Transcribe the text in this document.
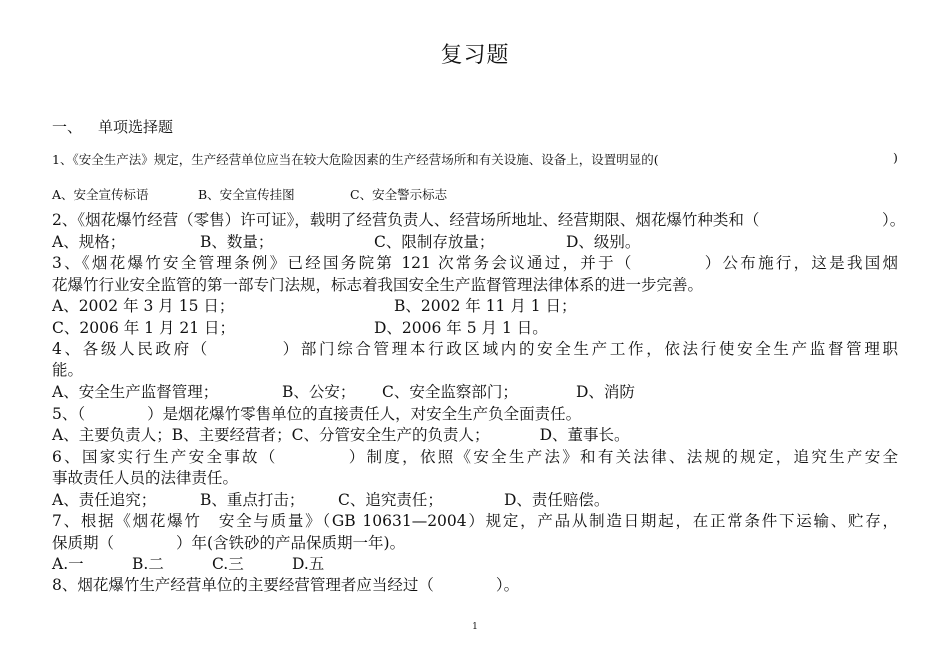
复习题
一、 单项选择题
1、《安全生产法》规定，生产经营单位应当在较大危险因素的生产经营场所和有关设施、设备上，设置明显的(	)
A、安全宣传标语	B、安全宣传挂图	C、安全警示标志
2、《烟花爆竹经营（零售）许可证》，载明了经营负责人、经营场所地址、经营期限、烟花爆竹种类和（	）。
A、规格；	B、数量；	C、限制存放量；	D、级别。
3、《烟花爆竹安全管理条例》已经国务院第 121 次常务会议通过，并于（　　　　）公布施行，这是我国烟
花爆竹行业安全监管的第一部专门法规，标志着我国安全生产监督管理法律体系的进一步完善。
A、2002 年 3 月 15 日；	B、2002 年 11 月 1 日；
C、2006 年 1 月 21 日；	D、2006 年 5 月 1 日。
4、各级人民政府（　　　　）部门综合管理本行政区域内的安全生产工作，依法行使安全生产监督管理职
能。
A、安全生产监督管理；	B、公安； C、安全监察部门；	D、消防
5、（　　　　）是烟花爆竹零售单位的直接责任人，对安全生产负全面责任。
A、主要负责人；B、主要经营者；C、分管安全生产的负责人；	D、董事长。
6、国家实行生产安全事故（　　　　）制度，依照《安全生产法》和有关法律、法规的规定，追究生产安全
事故责任人员的法律责任。
A、责任追究；	B、重点打击； C、追究责任；	D、责任赔偿。
7、根据《烟花爆竹　安全与质量》（GB 10631—2004）规定，产品从制造日期起，在正常条件下运输、贮存，
保质期（　　　　）年(含铁砂的产品保质期一年)。
A.一	B.二	C.三	D.五
8、烟花爆竹生产经营单位的主要经营管理者应当经过（　　　　）。
1
